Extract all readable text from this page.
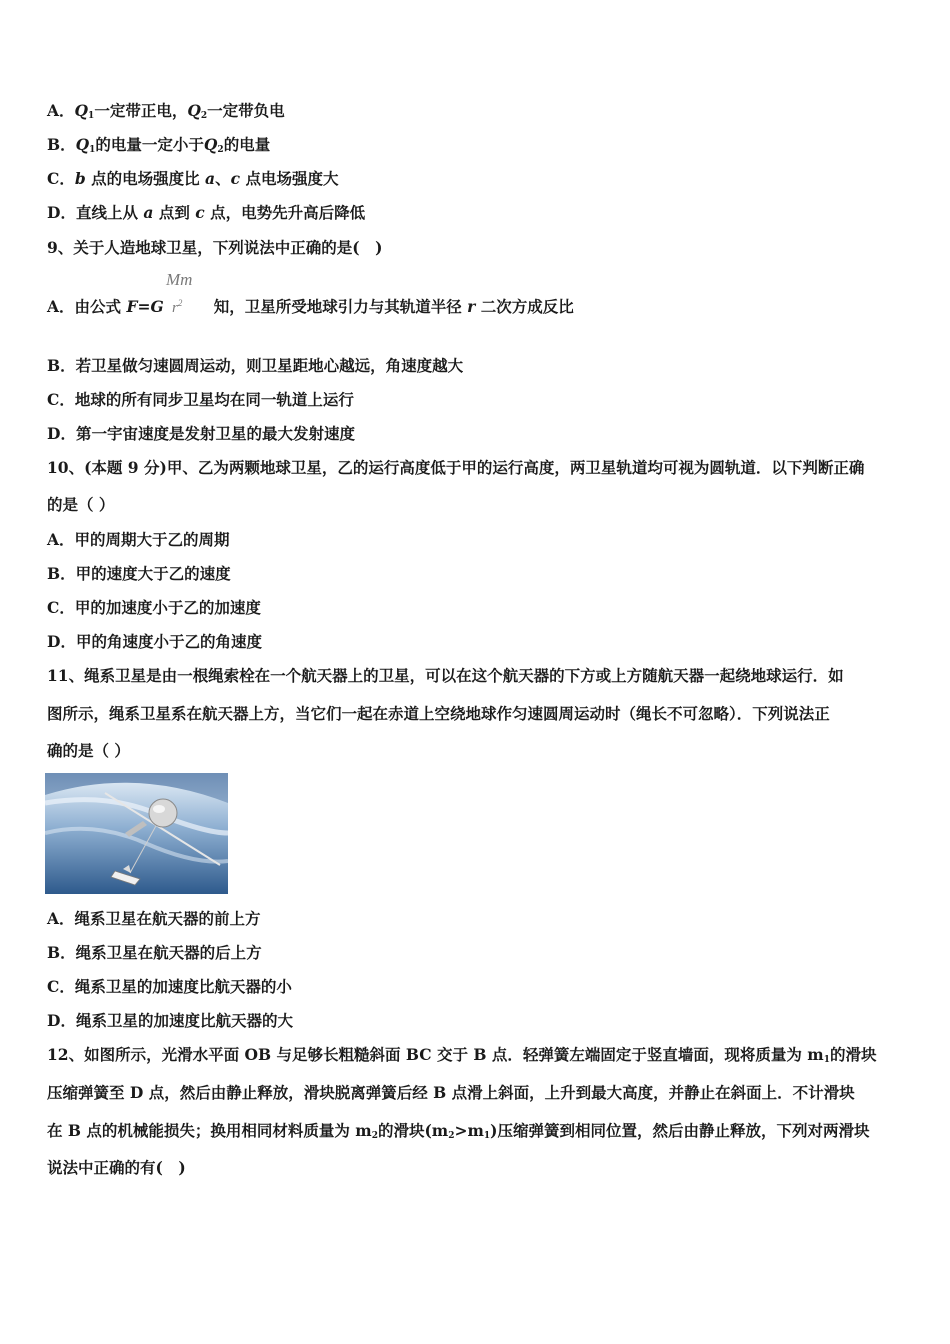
A．$Q_1$一定带正电，$Q_2$一定带负电
B．$Q_1$的电量一定小于$Q_2$的电量
C．b 点的电场强度比 a、c 点电场强度大
D．直线上从 a 点到 c 点，电势先升高后降低
9、关于人造地球卫星，下列说法中正确的是(　)
Mm
$r^2$
A．由公式 F=G	知，卫星所受地球引力与其轨道半径 r 二次方成反比
B．若卫星做匀速圆周运动，则卫星距地心越远，角速度越大
C．地球的所有同步卫星均在同一轨道上运行
D．第一宇宙速度是发射卫星的最大发射速度
10、(本题 9 分)甲、乙为两颗地球卫星，乙的运行高度低于甲的运行高度，两卫星轨道均可视为圆轨道．以下判断正确
的是（ ）
A．甲的周期大于乙的周期
B．甲的速度大于乙的速度
C．甲的加速度小于乙的加速度
D．甲的角速度小于乙的角速度
11、绳系卫星是由一根绳索栓在一个航天器上的卫星，可以在这个航天器的下方或上方随航天器一起绕地球运行．如
图所示，绳系卫星系在航天器上方，当它们一起在赤道上空绕地球作匀速圆周运动时（绳长不可忽略）．下列说法正
确的是（ ）
A．绳系卫星在航天器的前上方
B．绳系卫星在航天器的后上方
C．绳系卫星的加速度比航天器的小
D．绳系卫星的加速度比航天器的大
12、如图所示，光滑水平面 OB 与足够长粗糙斜面 BC 交于 B 点．轻弹簧左端固定于竖直墙面，现将质量为 $m_1$的滑块
压缩弹簧至 D 点，然后由静止释放，滑块脱离弹簧后经 B 点滑上斜面，上升到最大高度，并静止在斜面上．不计滑块
在 B 点的机械能损失；换用相同材料质量为 $m_2$的滑块$(m_2>m_1)$压缩弹簧到相同位置，然后由静止释放，下列对两滑块
说法中正确的有(　)
